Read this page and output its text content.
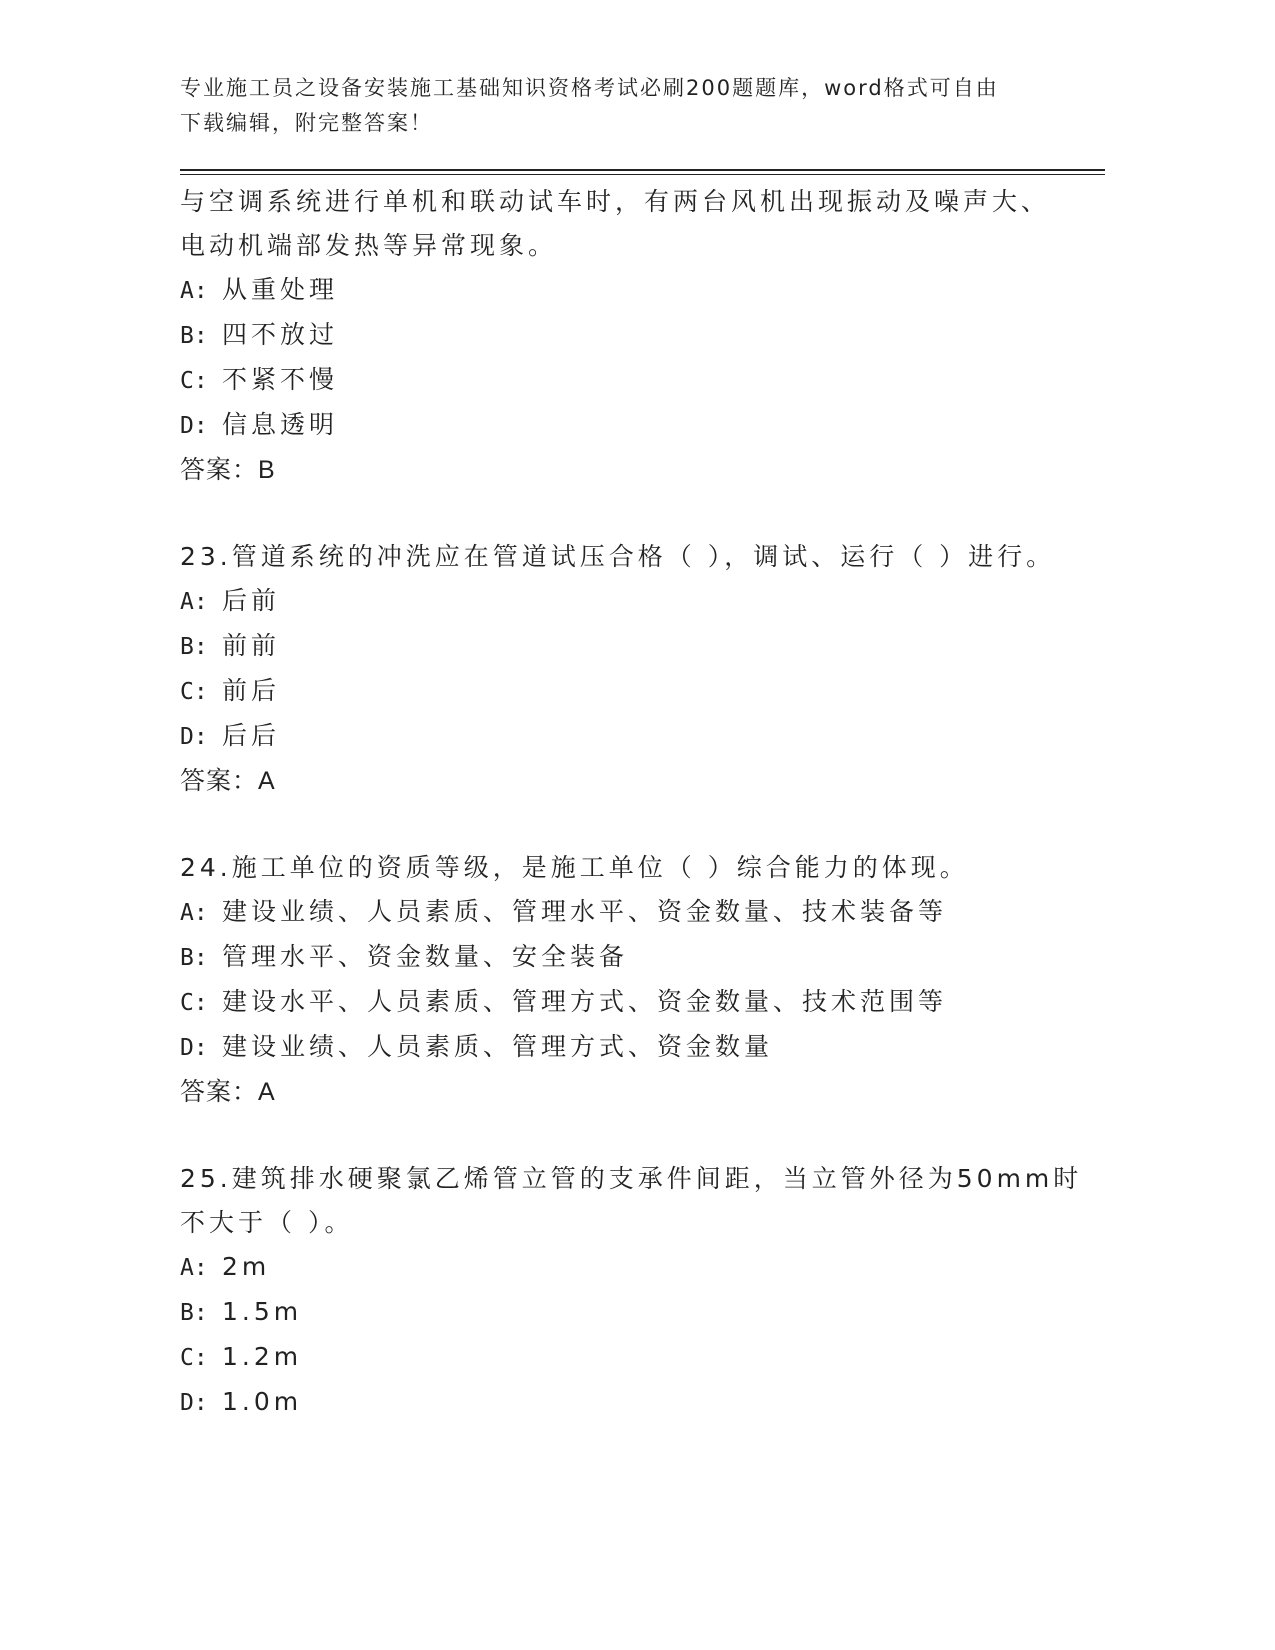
专业施工员之设备安装施工基础知识资格考试必刷200题题库，word格式可自由
下载编辑，附完整答案！
与空调系统进行单机和联动试车时，有两台风机出现振动及噪声大、
电动机端部发热等异常现象。
A: 从重处理
B: 四不放过
C: 不紧不慢
D: 信息透明
答案：B
23.管道系统的冲洗应在管道试压合格（ ），调试、运行（ ）进行。
A: 后前
B: 前前
C: 前后
D: 后后
答案：A
24.施工单位的资质等级，是施工单位（ ）综合能力的体现。
A: 建设业绩、人员素质、管理水平、资金数量、技术装备等
B: 管理水平、资金数量、安全装备
C: 建设水平、人员素质、管理方式、资金数量、技术范围等
D: 建设业绩、人员素质、管理方式、资金数量
答案：A
25.建筑排水硬聚氯乙烯管立管的支承件间距，当立管外径为50mm时
不大于（ ）。
A: 2m
B: 1.5m
C: 1.2m
D: 1.0m
